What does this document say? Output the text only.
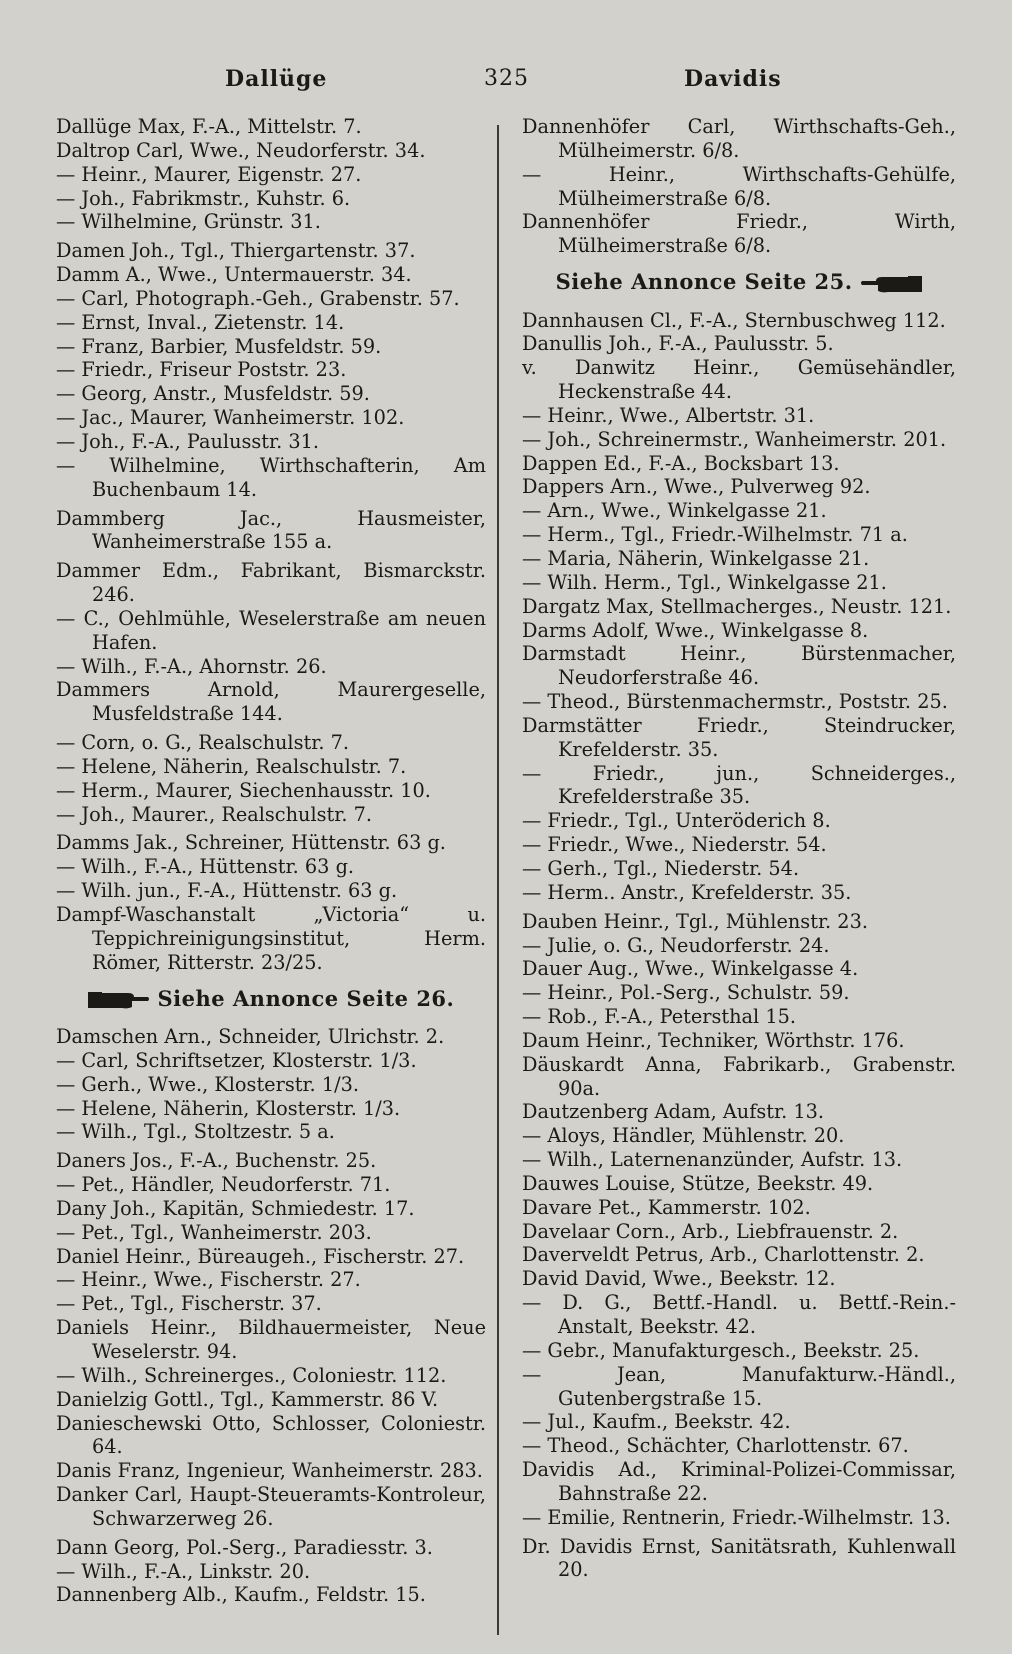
Dallüge	325	Davidis
Dallüge Max, F.-A., Mittelstr. 7.
Daltrop Carl, Wwe., Neudorferstr. 34.
— Heinr., Maurer, Eigenstr. 27.
— Joh., Fabrikmstr., Kuhstr. 6.
— Wilhelmine, Grünstr. 31.
Damen Joh., Tgl., Thiergartenstr. 37.
Damm A., Wwe., Untermauerstr. 34.
— Carl, Photograph.-Geh., Grabenstr. 57.
— Ernst, Inval., Zietenstr. 14.
— Franz, Barbier, Musfeldstr. 59.
— Friedr., Friseur Poststr. 23.
— Georg, Anstr., Musfeldstr. 59.
— Jac., Maurer, Wanheimerstr. 102.
— Joh., F.-A., Paulusstr. 31.
— Wilhelmine, Wirthschafterin, Am Buchenbaum 14.
Dammberg Jac., Hausmeister, Wanheimerstraße 155 a.
Dammer Edm., Fabrikant, Bismarckstr. 246.
— C., Oehlmühle, Weselerstraße am neuen Hafen.
— Wilh., F.-A., Ahornstr. 26.
Dammers Arnold, Maurergeselle, Musfeldstraße 144.
— Corn, o. G., Realschulstr. 7.
— Helene, Näherin, Realschulstr. 7.
— Herm., Maurer, Siechenhausstr. 10.
— Joh., Maurer., Realschulstr. 7.
Damms Jak., Schreiner, Hüttenstr. 63 g.
— Wilh., F.-A., Hüttenstr. 63 g.
— Wilh. jun., F.-A., Hüttenstr. 63 g.
Dampf-Waschanstalt „Victoria“ u. Teppichreinigungsinstitut, Herm. Römer, Ritterstr. 23/25.
Siehe Annonce Seite 26.
Damschen Arn., Schneider, Ulrichstr. 2.
— Carl, Schriftsetzer, Klosterstr. 1/3.
— Gerh., Wwe., Klosterstr. 1/3.
— Helene, Näherin, Klosterstr. 1/3.
— Wilh., Tgl., Stoltzestr. 5 a.
Daners Jos., F.-A., Buchenstr. 25.
— Pet., Händler, Neudorferstr. 71.
Dany Joh., Kapitän, Schmiedestr. 17.
— Pet., Tgl., Wanheimerstr. 203.
Daniel Heinr., Büreaugeh., Fischerstr. 27.
— Heinr., Wwe., Fischerstr. 27.
— Pet., Tgl., Fischerstr. 37.
Daniels Heinr., Bildhauermeister, Neue Weselerstr. 94.
— Wilh., Schreinerges., Coloniestr. 112.
Danielzig Gottl., Tgl., Kammerstr. 86 V.
Danieschewski Otto, Schlosser, Coloniestr. 64.
Danis Franz, Ingenieur, Wanheimerstr. 283.
Danker Carl, Haupt-Steueramts-Kontroleur, Schwarzerweg 26.
Dann Georg, Pol.-Serg., Paradiesstr. 3.
— Wilh., F.-A., Linkstr. 20.
Dannenberg Alb., Kaufm., Feldstr. 15.
Dannenhöfer Carl, Wirthschafts-Geh., Mülheimerstr. 6/8.
— Heinr., Wirthschafts-Gehülfe, Mülheimerstraße 6/8.
Dannenhöfer Friedr., Wirth, Mülheimerstraße 6/8.
Siehe Annonce Seite 25.
Dannhausen Cl., F.-A., Sternbuschweg 112.
Danullis Joh., F.-A., Paulusstr. 5.
v. Danwitz Heinr., Gemüsehändler, Heckenstraße 44.
— Heinr., Wwe., Albertstr. 31.
— Joh., Schreinermstr., Wanheimerstr. 201.
Dappen Ed., F.-A., Bocksbart 13.
Dappers Arn., Wwe., Pulverweg 92.
— Arn., Wwe., Winkelgasse 21.
— Herm., Tgl., Friedr.-Wilhelmstr. 71 a.
— Maria, Näherin, Winkelgasse 21.
— Wilh. Herm., Tgl., Winkelgasse 21.
Dargatz Max, Stellmacherges., Neustr. 121.
Darms Adolf, Wwe., Winkelgasse 8.
Darmstadt Heinr., Bürstenmacher, Neudorferstraße 46.
— Theod., Bürstenmachermstr., Poststr. 25.
Darmstätter Friedr., Steindrucker, Krefelderstr. 35.
— Friedr., jun., Schneiderges., Krefelderstraße 35.
— Friedr., Tgl., Unteröderich 8.
— Friedr., Wwe., Niederstr. 54.
— Gerh., Tgl., Niederstr. 54.
— Herm.. Anstr., Krefelderstr. 35.
Dauben Heinr., Tgl., Mühlenstr. 23.
— Julie, o. G., Neudorferstr. 24.
Dauer Aug., Wwe., Winkelgasse 4.
— Heinr., Pol.-Serg., Schulstr. 59.
— Rob., F.-A., Petersthal 15.
Daum Heinr., Techniker, Wörthstr. 176.
Däuskardt Anna, Fabrikarb., Grabenstr. 90a.
Dautzenberg Adam, Aufstr. 13.
— Aloys, Händler, Mühlenstr. 20.
— Wilh., Laternenanzünder, Aufstr. 13.
Dauwes Louise, Stütze, Beekstr. 49.
Davare Pet., Kammerstr. 102.
Davelaar Corn., Arb., Liebfrauenstr. 2.
Daverveldt Petrus, Arb., Charlottenstr. 2.
David David, Wwe., Beekstr. 12.
— D. G., Bettf.-Handl. u. Bettf.-Rein.-Anstalt, Beekstr. 42.
— Gebr., Manufakturgesch., Beekstr. 25.
— Jean, Manufakturw.-Händl., Gutenbergstraße 15.
— Jul., Kaufm., Beekstr. 42.
— Theod., Schächter, Charlottenstr. 67.
Davidis Ad., Kriminal-Polizei-Commissar, Bahnstraße 22.
— Emilie, Rentnerin, Friedr.-Wilhelmstr. 13.
Dr. Davidis Ernst, Sanitätsrath, Kuhlenwall 20.
